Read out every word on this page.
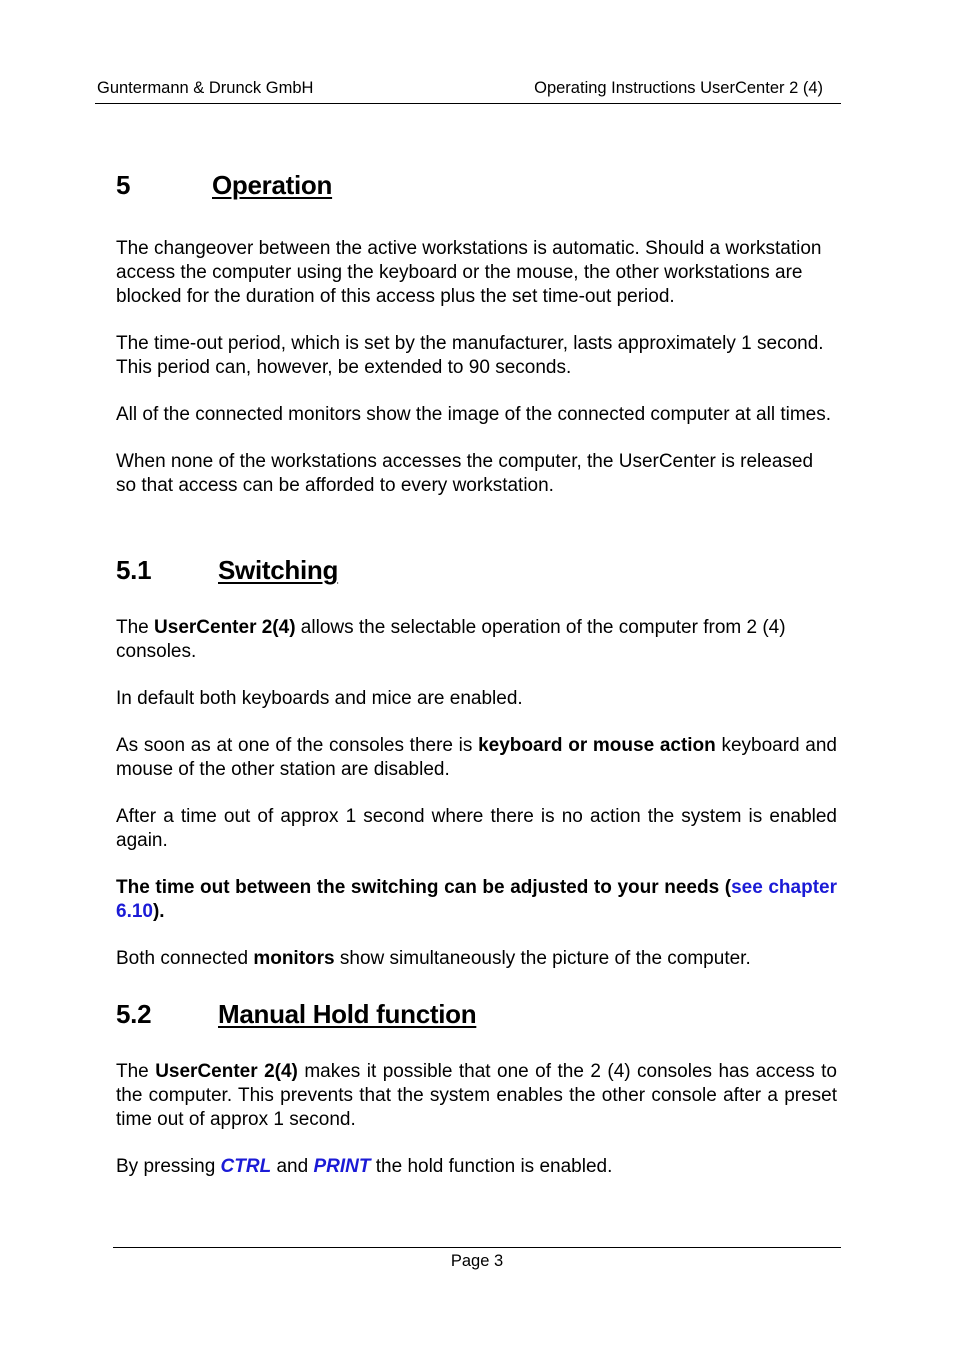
Guntermann & Drunck GmbH	Operating Instructions UserCenter 2 (4)
5	Operation

The changeover between the active workstations is automatic. Should a workstation access the computer using the keyboard or the mouse, the other workstations are blocked for the duration of this access plus the set time-out period.

The time-out period, which is set by the manufacturer, lasts approximately 1 second. This period can, however, be extended to 90 seconds.

All of the connected monitors show the image of the connected computer at all times.

When none of the workstations accesses the computer, the UserCenter is released so that access can be afforded to every workstation.

5.1	Switching

The UserCenter 2(4) allows the selectable operation of the computer from 2 (4) consoles.

In default both keyboards and mice are enabled.

As soon as at one of the consoles there is keyboard or mouse action keyboard and mouse of the other station are disabled.

After a time out of approx 1 second where there is no action the system is enabled again.

The time out between the switching can be adjusted to your needs (see chapter 6.10).

Both connected monitors show simultaneously the picture of the computer.

5.2	Manual Hold function

The UserCenter 2(4) makes it possible that one of the 2 (4) consoles has access to the computer. This prevents that the system enables the other console after a preset time out of approx 1 second.

By pressing CTRL and PRINT the hold function is enabled.

Page 3
